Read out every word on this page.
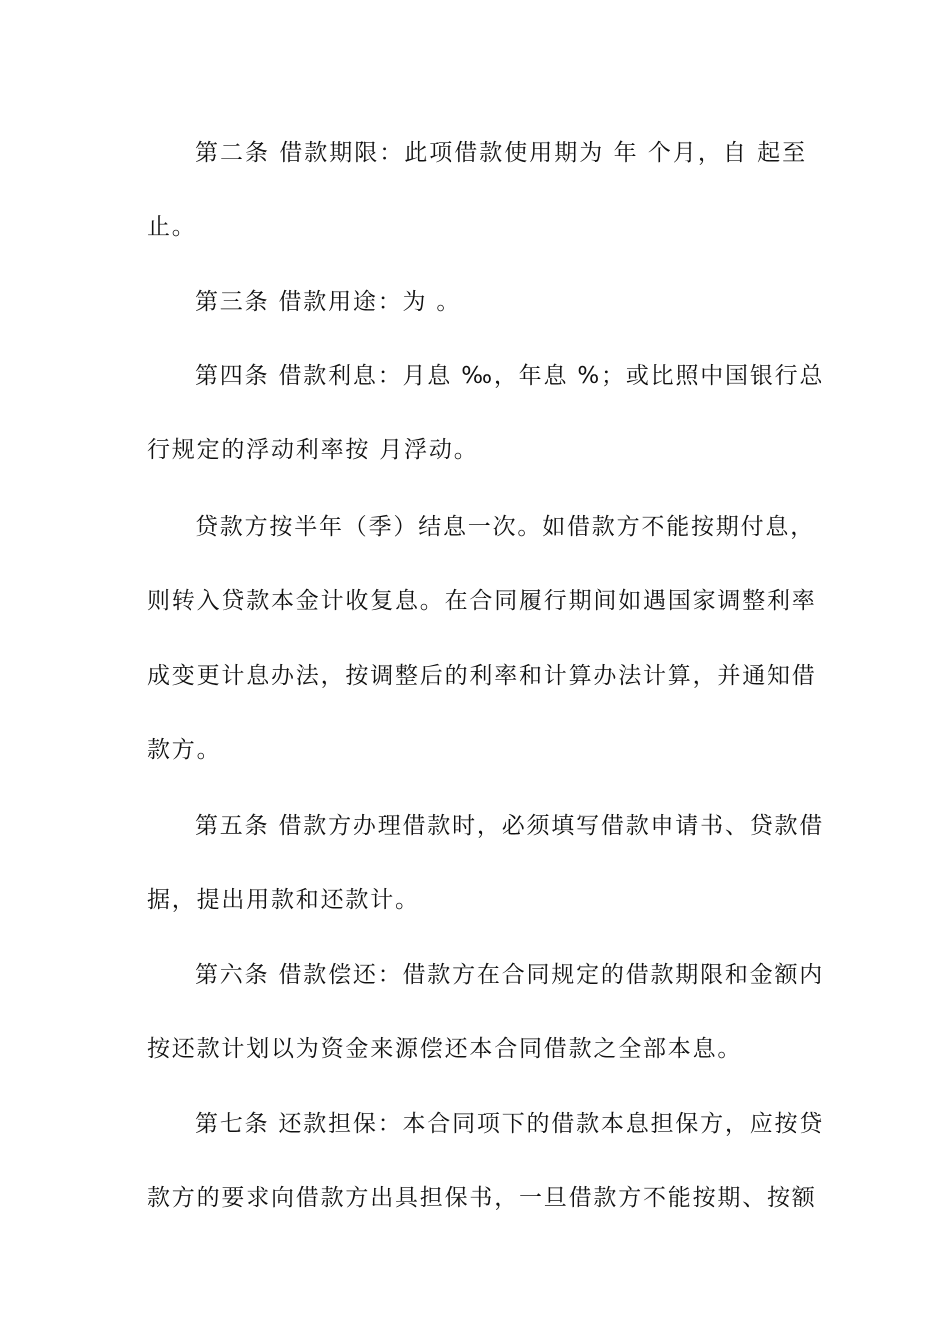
第二条 借款期限：此项借款使用期为 年 个月，自 起至
止。
第三条 借款用途：为 。
第四条 借款利息：月息 ‰，年息 %；或比照中国银行总
行规定的浮动利率按 月浮动。
贷款方按半年（季）结息一次。如借款方不能按期付息，
则转入贷款本金计收复息。在合同履行期间如遇国家调整利率
成变更计息办法，按调整后的利率和计算办法计算，并通知借
款方。
第五条 借款方办理借款时，必须填写借款申请书、贷款借
据，提出用款和还款计。
第六条 借款偿还：借款方在合同规定的借款期限和金额内
按还款计划以为资金来源偿还本合同借款之全部本息。
第七条 还款担保：本合同项下的借款本息担保方，应按贷
款方的要求向借款方出具担保书，一旦借款方不能按期、按额
